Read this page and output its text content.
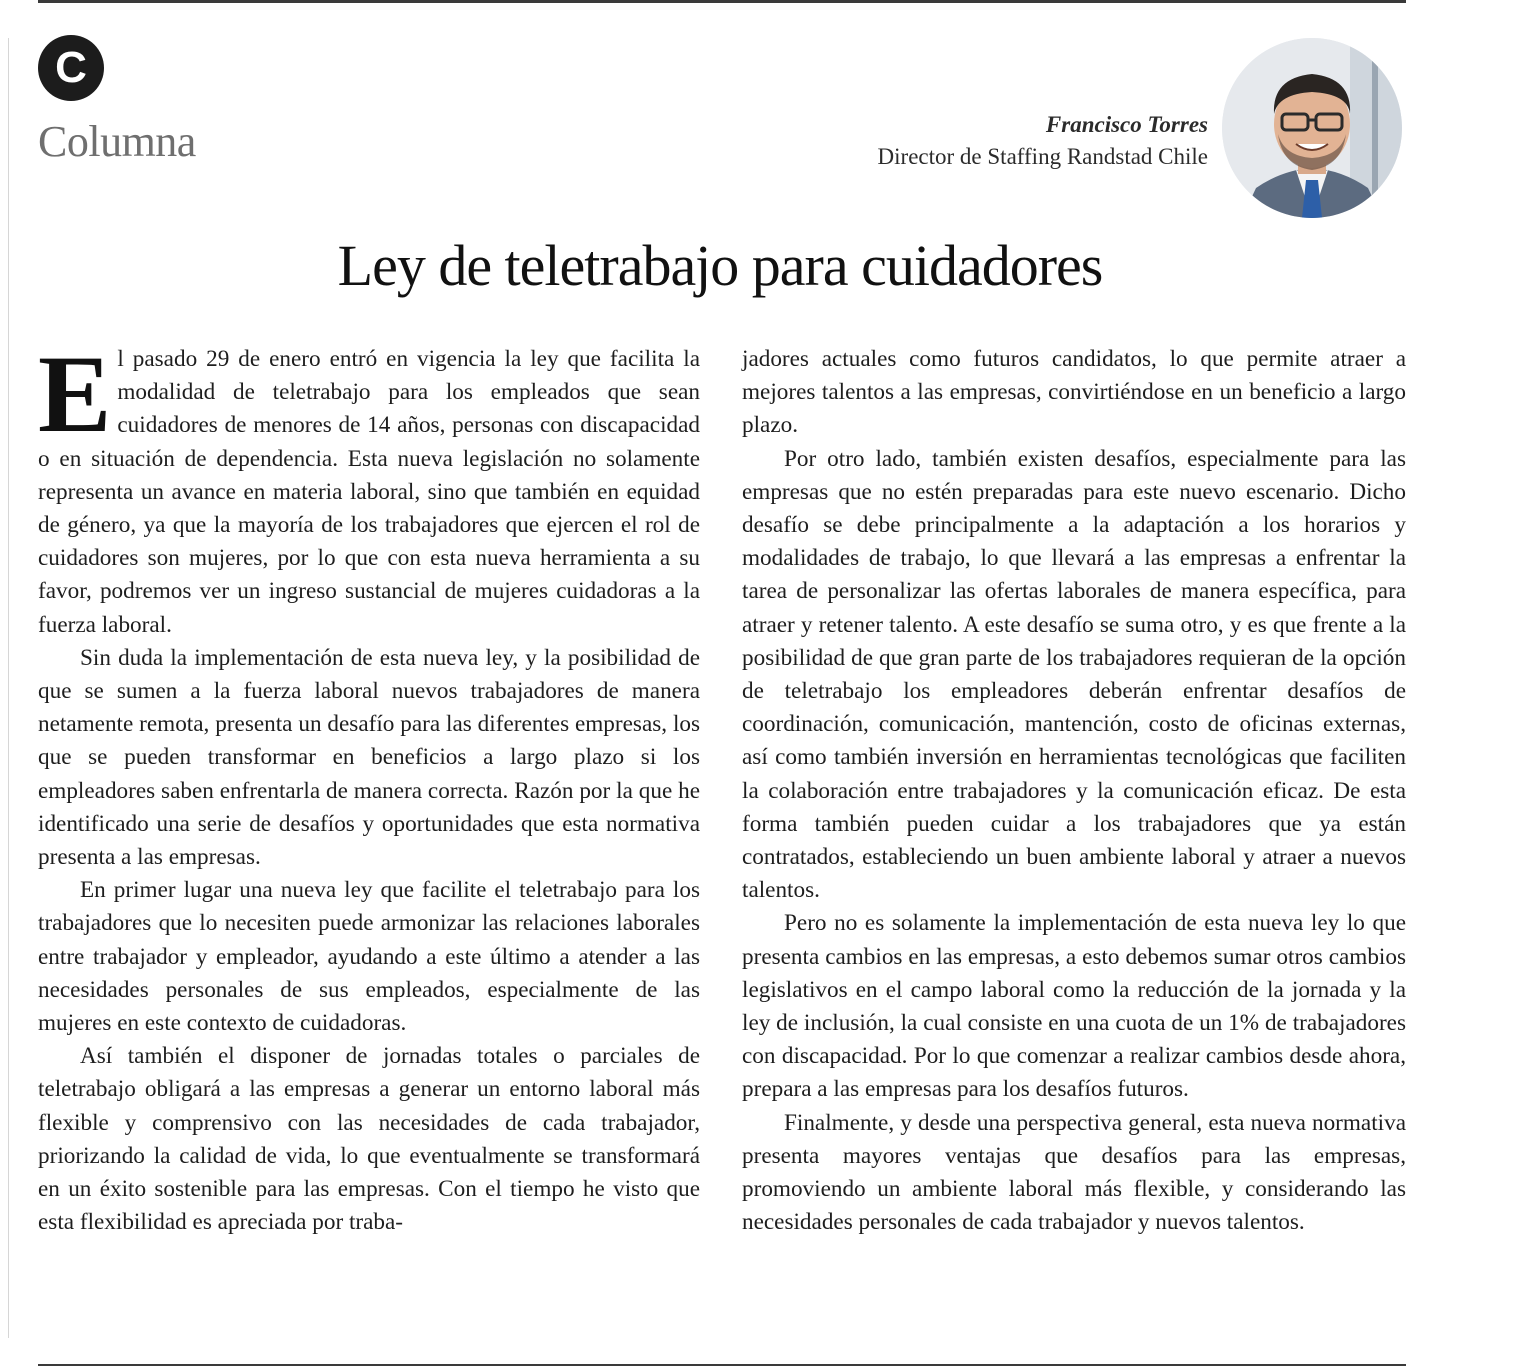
C
Columna	Francisco Torres
Director de Staffing Randstad Chile
Ley de teletrabajo para cuidadores

El pasado 29 de enero entró en vigencia la ley que facilita la modalidad de teletrabajo para los empleados que sean cuidadores de menores de 14 años, personas con discapacidad o en situación de dependencia. Esta nueva legislación no solamente representa un avance en materia laboral, sino que también en equidad de género, ya que la mayoría de los trabajadores que ejercen el rol de cuidadores son mujeres, por lo que con esta nueva herramienta a su favor, podremos ver un ingreso sustancial de mujeres cuidadoras a la fuerza laboral.

Sin duda la implementación de esta nueva ley, y la posibilidad de que se sumen a la fuerza laboral nuevos trabajadores de manera netamente remota, presenta un desafío para las diferentes empresas, los que se pueden transformar en beneficios a largo plazo si los empleadores saben enfrentarla de manera correcta. Razón por la que he identificado una serie de desafíos y oportunidades que esta normativa presenta a las empresas.

En primer lugar una nueva ley que facilite el teletrabajo para los trabajadores que lo necesiten puede armonizar las relaciones laborales entre trabajador y empleador, ayudando a este último a atender a las necesidades personales de sus empleados, especialmente de las mujeres en este contexto de cuidadoras.

Así también el disponer de jornadas totales o parciales de teletrabajo obligará a las empresas a generar un entorno laboral más flexible y comprensivo con las necesidades de cada trabajador, priorizando la calidad de vida, lo que eventualmente se transformará en un éxito sostenible para las empresas. Con el tiempo he visto que esta flexibilidad es apreciada por traba-

jadores actuales como futuros candidatos, lo que permite atraer a mejores talentos a las empresas, convirtiéndose en un beneficio a largo plazo.

Por otro lado, también existen desafíos, especialmente para las empresas que no estén preparadas para este nuevo escenario. Dicho desafío se debe principalmente a la adaptación a los horarios y modalidades de trabajo, lo que llevará a las empresas a enfrentar la tarea de personalizar las ofertas laborales de manera específica, para atraer y retener talento. A este desafío se suma otro, y es que frente a la posibilidad de que gran parte de los trabajadores requieran de la opción de teletrabajo los empleadores deberán enfrentar desafíos de coordinación, comunicación, mantención, costo de oficinas externas, así como también inversión en herramientas tecnológicas que faciliten la colaboración entre trabajadores y la comunicación eficaz. De esta forma también pueden cuidar a los trabajadores que ya están contratados, estableciendo un buen ambiente laboral y atraer a nuevos talentos.

Pero no es solamente la implementación de esta nueva ley lo que presenta cambios en las empresas, a esto debemos sumar otros cambios legislativos en el campo laboral como la reducción de la jornada y la ley de inclusión, la cual consiste en una cuota de un 1% de trabajadores con discapacidad. Por lo que comenzar a realizar cambios desde ahora, prepara a las empresas para los desafíos futuros.

Finalmente, y desde una perspectiva general, esta nueva normativa presenta mayores ventajas que desafíos para las empresas, promoviendo un ambiente laboral más flexible, y considerando las necesidades personales de cada trabajador y nuevos talentos.
